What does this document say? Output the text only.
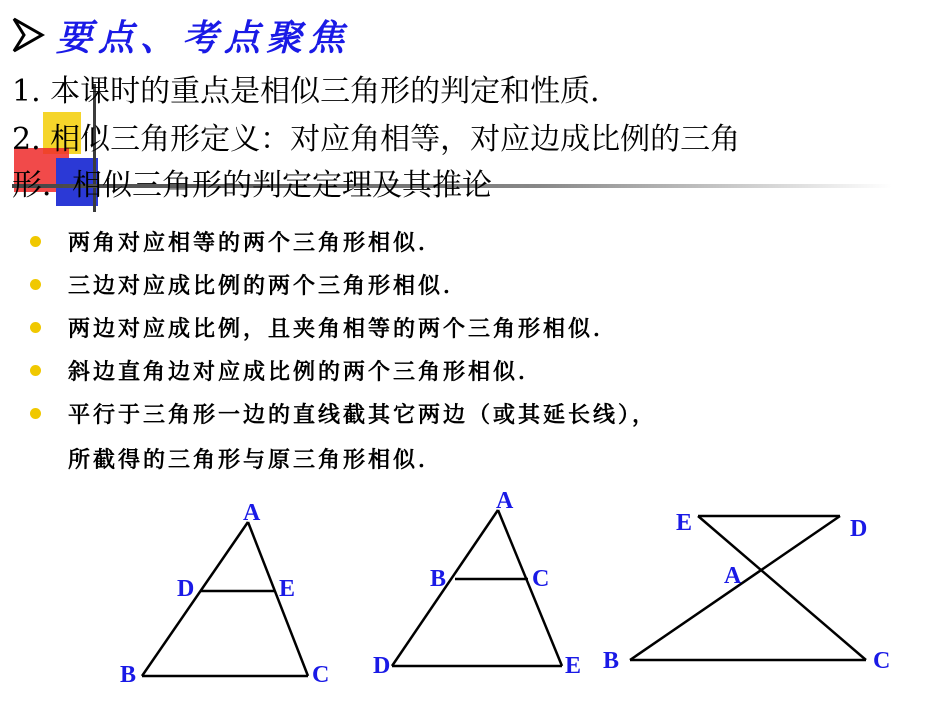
要点、考点聚焦
1. 本课时的重点是相似三角形的判定和性质．
2. 相似三角形定义：对应角相等，对应边成比例的三角
形．相似三角形的判定定理及其推论
两角对应相等的两个三角形相似．
三边对应成比例的两个三角形相似．
两边对应成比例，且夹角相等的两个三角形相似．
斜边直角边对应成比例的两个三角形相似．
平行于三角形一边的直线截其它两边（或其延长线），
所截得的三角形与原三角形相似．
A
D	E
B	C
A
B	C
D	E
E	D
A
B	C
